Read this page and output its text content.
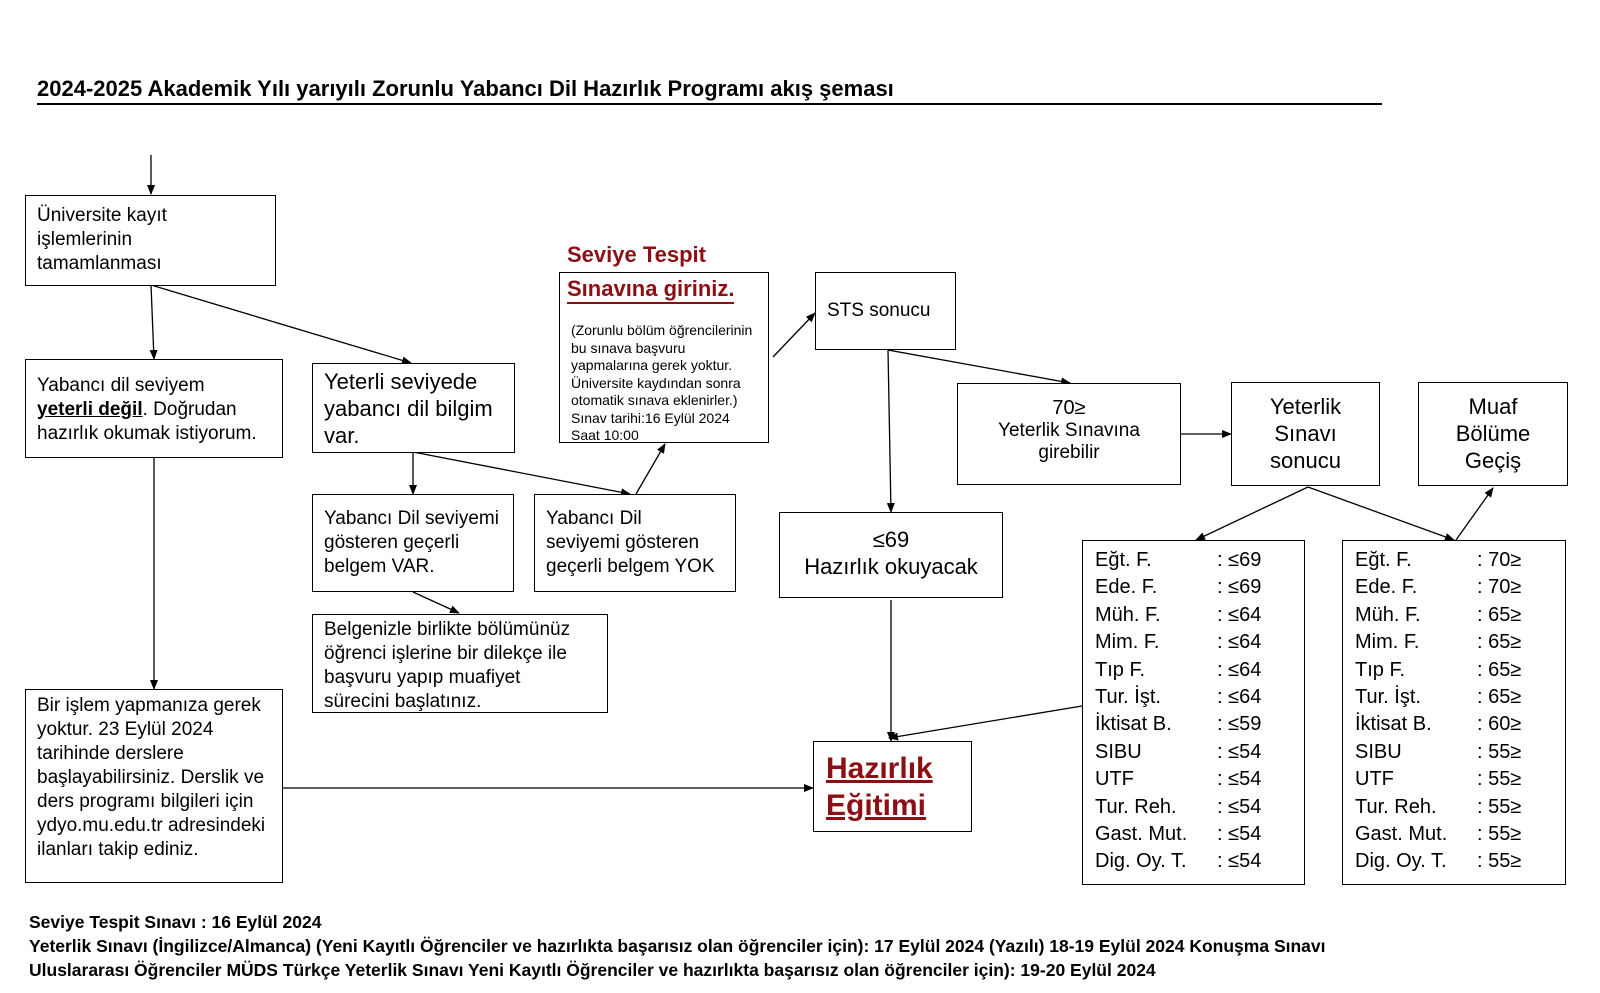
2024-2025 Akademik Yılı yarıyılı Zorunlu Yabancı Dil Hazırlık Programı akış şeması
Üniversite kayıt
işlemlerinin
tamamlanması
Yabancı dil seviyem
yeterli değil. Doğrudan
hazırlık okumak istiyorum.
Yeterli seviyede
yabancı dil bilgim
var.
Yabancı Dil seviyemi
gösteren geçerli
belgem VAR.
Yabancı Dil
seviyemi gösteren
geçerli belgem YOK
Belgenizle birlikte bölümünüz
öğrenci işlerine bir dilekçe ile
başvuru yapıp muafiyet
sürecini başlatınız.
Bir işlem yapmanıza gerek
yoktur. 23 Eylül 2024
tarihinde derslere
başlayabilirsiniz. Derslik ve
ders programı bilgileri için
ydyo.mu.edu.tr adresindeki
ilanları takip ediniz.
Seviye Tespit
(Zorunlu bölüm öğrencilerinin
bu sınava başvuru
yapmalarına gerek yoktur.
Üniversite kaydından sonra
otomatik sınava eklenirler.)
Sınav tarihi:16 Eylül 2024
Saat 10:00
Sınavına giriniz.
STS sonucu
70≥
Yeterlik Sınavına
girebilir
≤69
Hazırlık okuyacak
Yeterlik
Sınavı
sonucu
Muaf
Bölüme
Geçiş
Hazırlık
Eğitimi
Eğt. F.	: ≤69
Ede. F.	: ≤69
Müh. F.	: ≤64
Mim. F.	: ≤64
Tıp F.	: ≤64
Tur. İşt.	: ≤64
İktisat B.	: ≤59
SIBU	: ≤54
UTF	: ≤54
Tur. Reh.	: ≤54
Gast. Mut.	: ≤54
Dig. Oy. T.	: ≤54
Eğt. F.	: 70≥
Ede. F.	: 70≥
Müh. F.	: 65≥
Mim. F.	: 65≥
Tıp F.	: 65≥
Tur. İşt.	: 65≥
İktisat B.	: 60≥
SIBU	: 55≥
UTF	: 55≥
Tur. Reh.	: 55≥
Gast. Mut.	: 55≥
Dig. Oy. T.	: 55≥
Seviye Tespit Sınavı : 16 Eylül 2024
Yeterlik Sınavı (İngilizce/Almanca) (Yeni Kayıtlı Öğrenciler ve hazırlıkta başarısız olan öğrenciler için): 17 Eylül 2024 (Yazılı) 18-19 Eylül 2024 Konuşma Sınavı
Uluslararası Öğrenciler MÜDS Türkçe Yeterlik Sınavı Yeni Kayıtlı Öğrenciler ve hazırlıkta başarısız olan öğrenciler için): 19-20 Eylül 2024
